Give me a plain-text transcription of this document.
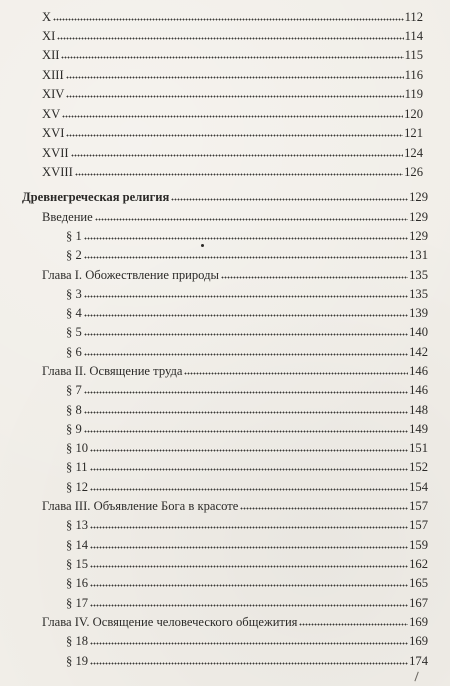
X	112
XI	114
XII	115
XIII	116
XIV	119
XV	120
XVI	121
XVII	124
XVIII	126
Древнегреческая религия	129
Введение	129
§ 1	129
§ 2	131
Глава I. Обожествление природы	135
§ 3	135
§ 4	139
§ 5	140
§ 6	142
Глава II. Освящение труда	146
§ 7	146
§ 8	148
§ 9	149
§ 10	151
§ 11	152
§ 12	154
Глава III. Объявление Бога в красоте	157
§ 13	157
§ 14	159
§ 15	162
§ 16	165
§ 17	167
Глава IV. Освящение человеческого общежития	169
§ 18	169
§ 19	174
